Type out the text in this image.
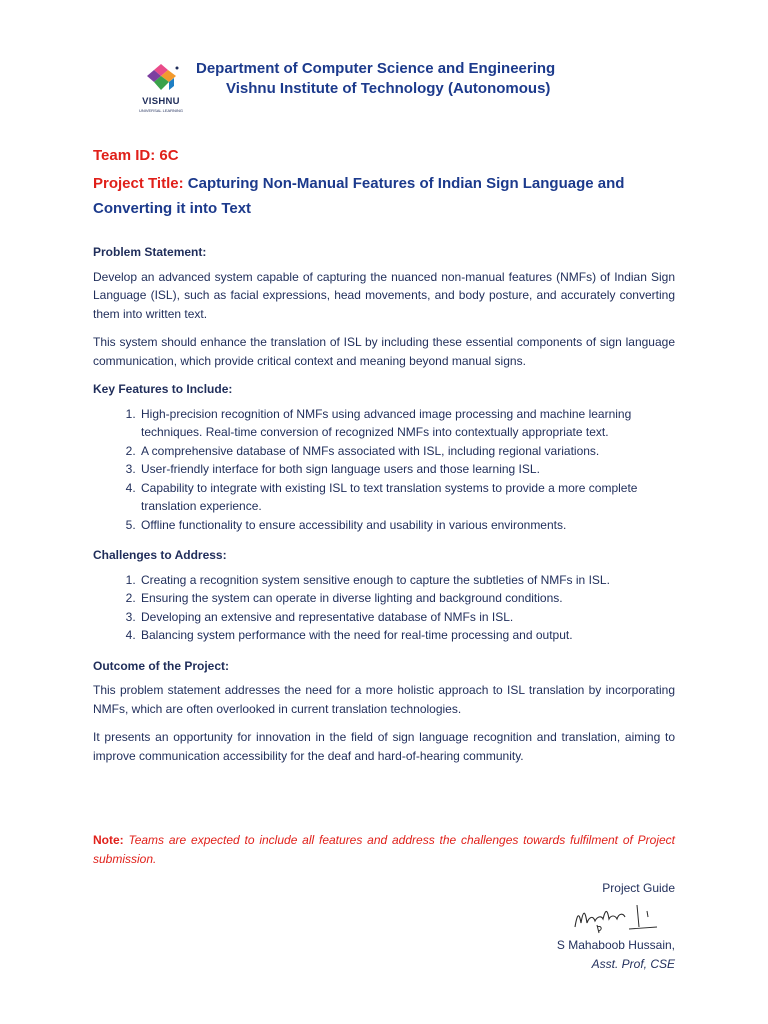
VISHNU
UNIVERSAL LEARNING
Department of Computer Science and Engineering
Vishnu Institute of Technology (Autonomous)
Team ID: 6C
Project Title: Capturing Non-Manual Features of Indian Sign Language and Converting it into Text
Problem Statement:

Develop an advanced system capable of capturing the nuanced non-manual features (NMFs) of Indian Sign Language (ISL), such as facial expressions, head movements, and body posture, and accurately converting them into written text.

This system should enhance the translation of ISL by including these essential components of sign language communication, which provide critical context and meaning beyond manual signs.

Key Features to Include:
1. High-precision recognition of NMFs using advanced image processing and machine learning techniques. Real-time conversion of recognized NMFs into contextually appropriate text.
2. A comprehensive database of NMFs associated with ISL, including regional variations.
3. User-friendly interface for both sign language users and those learning ISL.
4. Capability to integrate with existing ISL to text translation systems to provide a more complete translation experience.
5. Offline functionality to ensure accessibility and usability in various environments.
Challenges to Address:
1. Creating a recognition system sensitive enough to capture the subtleties of NMFs in ISL.
2. Ensuring the system can operate in diverse lighting and background conditions.
3. Developing an extensive and representative database of NMFs in ISL.
4. Balancing system performance with the need for real-time processing and output.
Outcome of the Project:

This problem statement addresses the need for a more holistic approach to ISL translation by incorporating NMFs, which are often overlooked in current translation technologies.

It presents an opportunity for innovation in the field of sign language recognition and translation, aiming to improve communication accessibility for the deaf and hard-of-hearing community.

Note: Teams are expected to include all features and address the challenges towards fulfilment of Project submission.
Project Guide
S Mahaboob Hussain,
Asst. Prof, CSE
